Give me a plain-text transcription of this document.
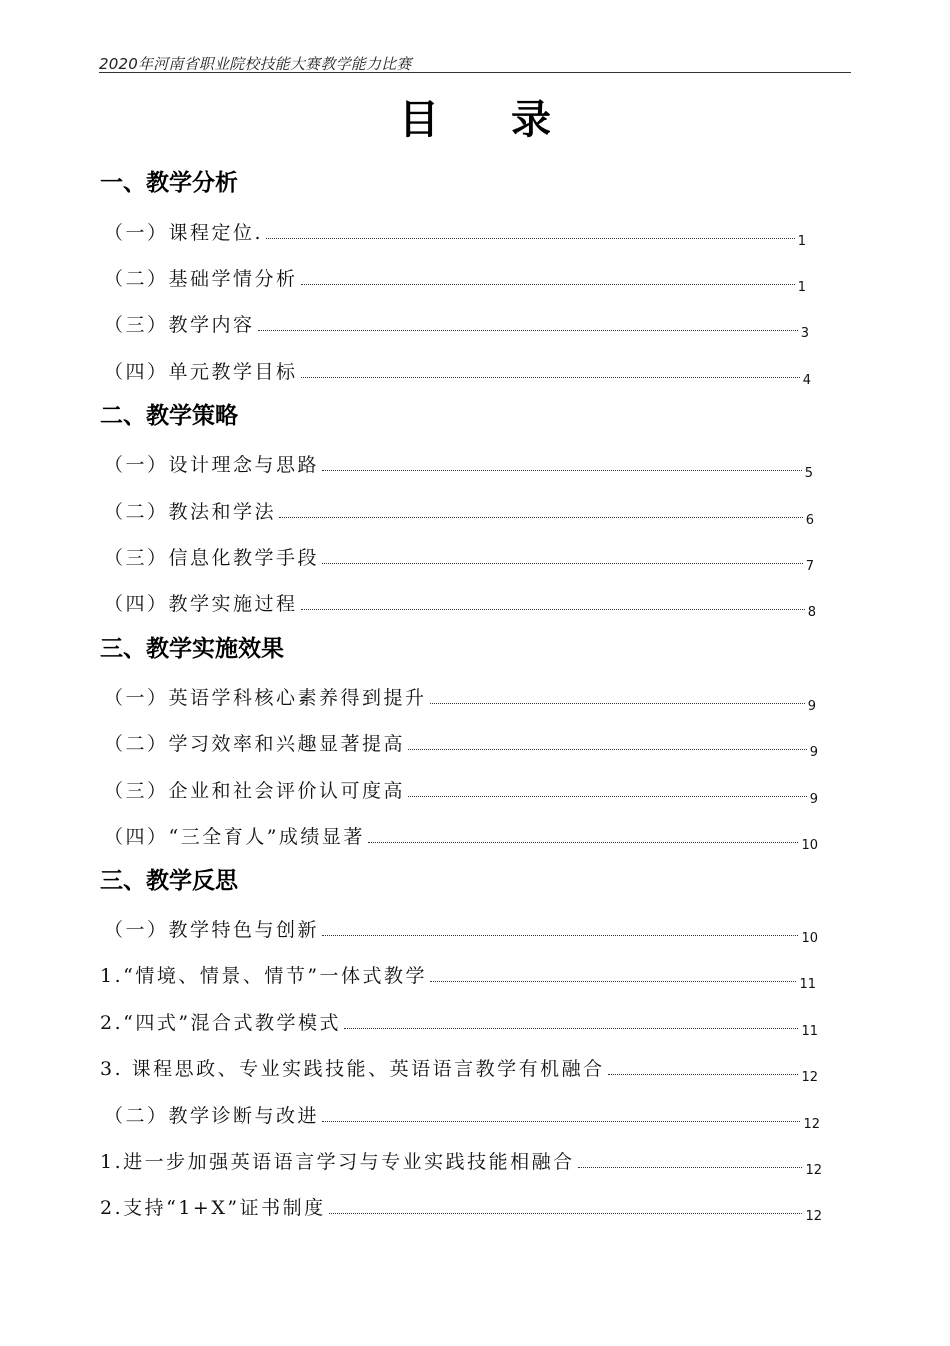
2020年河南省职业院校技能大赛教学能力比赛
目录
一、教学分析
（一）课程定位.	1
（二）基础学情分析	1
（三）教学内容	3
（四）单元教学目标	4
二、教学策略
（一）设计理念与思路	5
（二）教法和学法	6
（三）信息化教学手段	7
（四）教学实施过程	8
三、教学实施效果
（一）英语学科核心素养得到提升	9
（二）学习效率和兴趣显著提高	9
（三）企业和社会评价认可度高	9
（四）“三全育人”成绩显著	10
三、教学反思
（一）教学特色与创新	10
1.“情境、情景、情节”一体式教学	11
2.“四式”混合式教学模式	11
3. 课程思政、专业实践技能、英语语言教学有机融合	12
（二）教学诊断与改进	12
1.进一步加强英语语言学习与专业实践技能相融合	12
2.支持“1+X”证书制度	12
